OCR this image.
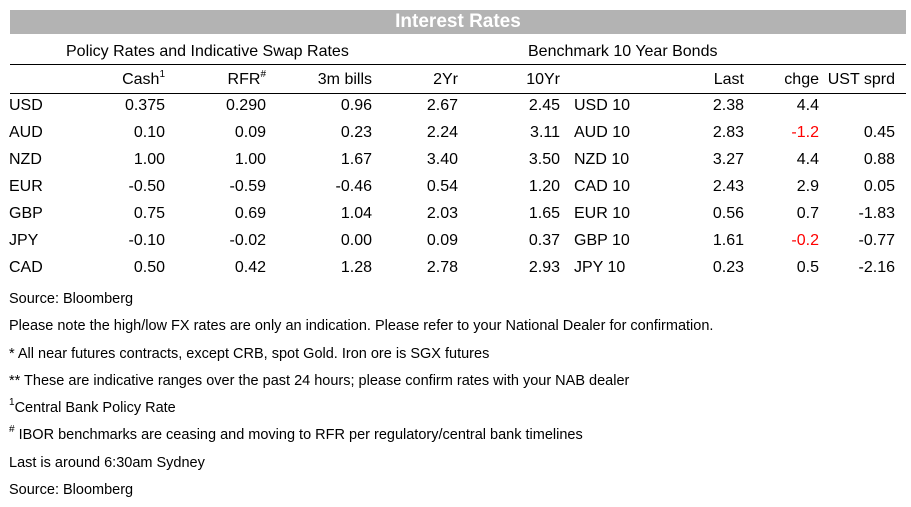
Interest Rates
Policy Rates and Indicative Swap Rates	Benchmark 10 Year Bonds
		Cash$^1$	RFR#	3m bills	2Yr	10Yr			Last	chge	UST sprd	
	USD	0.375	0.290	0.96	2.67	2.45		USD 10	2.38	4.4		
	AUD	0.10	0.09	0.23	2.24	3.11		AUD 10	2.83	-1.2	0.45	
	NZD	1.00	1.00	1.67	3.40	3.50		NZD 10	3.27	4.4	0.88	
	EUR	-0.50	-0.59	-0.46	0.54	1.20		CAD 10	2.43	2.9	0.05	
	GBP	0.75	0.69	1.04	2.03	1.65		EUR 10	0.56	0.7	-1.83	
	JPY	-0.10	-0.02	0.00	0.09	0.37		GBP 10	1.61	-0.2	-0.77	
	CAD	0.50	0.42	1.28	2.78	2.93		JPY 10	0.23	0.5	-2.16	
Source: Bloomberg
Please note the high/low FX rates are only an indication. Please refer to your National Dealer for confirmation.
* All near futures contracts, except CRB, spot Gold. Iron ore is SGX futures
** These are indicative ranges over the past 24 hours; please confirm rates with your NAB dealer
$^1$Central Bank Policy Rate
# IBOR benchmarks are ceasing and moving to RFR per regulatory/central bank timelines
Last is around 6:30am Sydney
Source: Bloomberg
